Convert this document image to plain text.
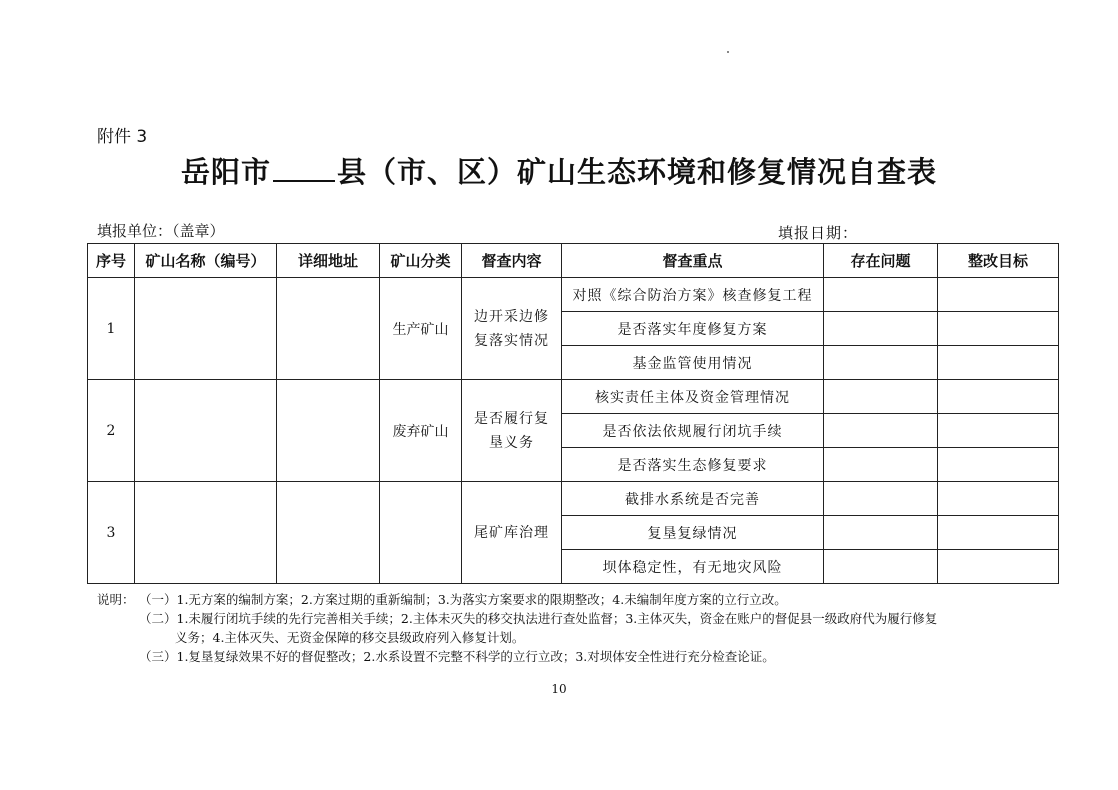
附件 3
岳阳市 县（市、区）矿山生态环境和修复情况自查表
填报单位：（盖章）	填报日期：
序号	矿山名称（编号）	详细地址	矿山分类	督查内容	督查重点	存在问题	整改目标
1			生产矿山	边开采边修复落实情况	对照《综合防治方案》核查修复工程		
					是否落实年度修复方案		
					基金监管使用情况		
2			废弃矿山	是否履行复垦义务	核实责任主体及资金管理情况		
					是否依法依规履行闭坑手续		
					是否落实生态修复要求		
3				尾矿库治理	截排水系统是否完善		
					复垦复绿情况		
					坝体稳定性，有无地灾风险		
说明： （一）1.无方案的编制方案；2.方案过期的重新编制；3.为落实方案要求的限期整改；4.未编制年度方案的立行立改。
（二）1.未履行闭坑手续的先行完善相关手续；2.主体未灭失的移交执法进行查处监督；3.主体灭失，资金在账户的督促县一级政府代为履行修复
义务；4.主体灭失、无资金保障的移交县级政府列入修复计划。
（三）1.复垦复绿效果不好的督促整改；2.水系设置不完整不科学的立行立改；3.对坝体安全性进行充分检查论证。
10
